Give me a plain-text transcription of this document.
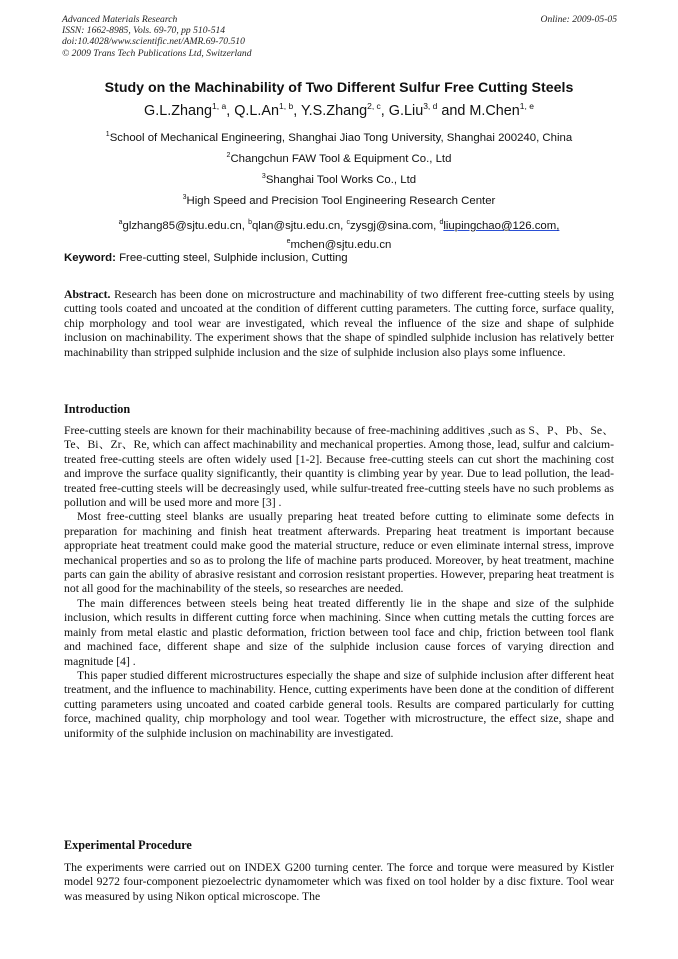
Advanced Materials Research
ISSN: 1662-8985, Vols. 69-70, pp 510-514
doi:10.4028/www.scientific.net/AMR.69-70.510
© 2009 Trans Tech Publications Ltd, Switzerland
Online: 2009-05-05
Study on the Machinability of Two Different Sulfur Free Cutting Steels
G.L.Zhang$^{1, a}$, Q.L.An$^{1, b}$, Y.S.Zhang$^{2, c}$, G.Liu$^{3, d}$ and M.Chen$^{1, e}$
$^1$School of Mechanical Engineering, Shanghai Jiao Tong University, Shanghai 200240, China
$^2$Changchun FAW Tool & Equipment Co., Ltd
$^3$Shanghai Tool Works Co., Ltd
$^3$High Speed and Precision Tool Engineering Research Center
$^a$glzhang85@sjtu.edu.cn, $^b$qlan@sjtu.edu.cn, $^c$zysgj@sina.com, $^d$liupingchao@126.com,
$^e$mchen@sjtu.edu.cn
Keyword: Free-cutting steel, Sulphide inclusion, Cutting

Abstract. Research has been done on microstructure and machinability of two different free-cutting steels by using cutting tools coated and uncoated at the condition of different cutting parameters. The cutting force, surface quality, chip morphology and tool wear are investigated, which reveal the influence of the size and shape of sulphide inclusion on machinability. The experiment shows that the shape of spindled sulphide inclusion has relatively better machinability than stripped sulphide inclusion and the size of sulphide inclusion also plays some influence.

Introduction

Free-cutting steels are known for their machinability because of free-machining additives ,such as S、P、Pb、Se、Te、Bi、Zr、Re, which can affect machinability and mechanical properties. Among those, lead, sulfur and calcium-treated free-cutting steels are often widely used [1-2]. Because free-cutting steels can cut short the machining cost and improve the surface quality significantly, their quantity is climbing year by year. Due to lead pollution, the lead-treated free-cutting steels will be decreasingly used, while sulfur-treated free-cutting steels have no such problems as pollution and will be used more and more [3] .

Most free-cutting steel blanks are usually preparing heat treated before cutting to eliminate some defects in preparation for machining and finish heat treatment afterwards. Preparing heat treatment is important because appropriate heat treatment could make good the material structure, reduce or even eliminate internal stress, improve mechanical properties and so as to prolong the life of machine parts produced. Moreover, by heat treatment, machine parts can gain the ability of abrasive resistant and corrosion resistant properties. However, preparing heat treatment is not all good for the machinability of the steels, so researches are needed.

The main differences between steels being heat treated differently lie in the shape and size of the sulphide inclusion, which results in different cutting force when machining. Since when cutting metals the cutting forces are mainly from metal elastic and plastic deformation, friction between tool face and chip, friction between tool flank and machined face, different shape and size of the sulphide inclusion cause forces of varying direction and magnitude [4] .

This paper studied different microstructures especially the shape and size of sulphide inclusion after different heat treatment, and the influence to machinability. Hence, cutting experiments have been done at the condition of different cutting parameters using uncoated and coated carbide general tools. Results are compared particularly for cutting force, machined quality, chip morphology and tool wear. Together with microstructure, the effect size, shape and uniformity of the sulphide inclusion on machinability are investigated.

Experimental Procedure

The experiments were carried out on INDEX G200 turning center. The force and torque were measured by Kistler model 9272 four-component piezoelectric dynamometer which was fixed on tool holder by a disc fixture. Tool wear was measured by using Nikon optical microscope. The
